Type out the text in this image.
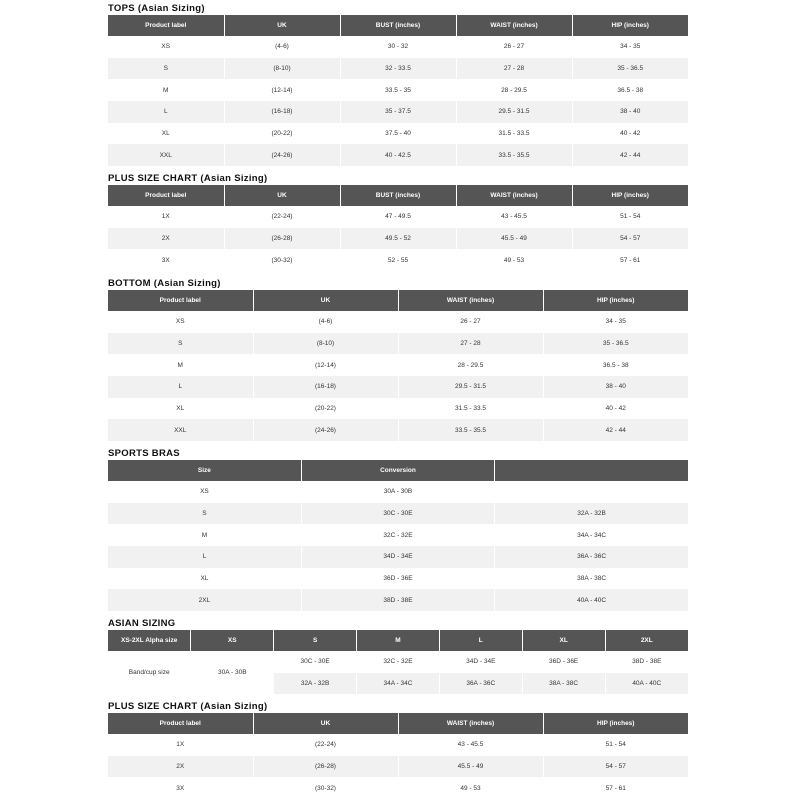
TOPS (Asian Sizing)
Product label	UK	BUST (inches)	WAIST (inches)	HIP (inches)
XS	(4-6)	30 - 32	26 - 27	34 - 35
S	(8-10)	32 - 33.5	27 - 28	35 - 36.5
M	(12-14)	33.5 - 35	28 - 29.5	36.5 - 38
L	(16-18)	35 - 37.5	29.5 - 31.5	38 - 40
XL	(20-22)	37.5 - 40	31.5 - 33.5	40 - 42
XXL	(24-26)	40 - 42.5	33.5 - 35.5	42 - 44
PLUS SIZE CHART (Asian Sizing)
Product label	UK	BUST (inches)	WAIST (inches)	HIP (inches)
1X	(22-24)	47 - 49.5	43 - 45.5	51 - 54
2X	(26-28)	49.5 - 52	45.5 - 49	54 - 57
3X	(30-32)	52 - 55	49 - 53	57 - 61
BOTTOM (Asian Sizing)
Product label	UK	WAIST (inches)	HIP (inches)
XS	(4-6)	26 - 27	34 - 35
S	(8-10)	27 - 28	35 - 36.5
M	(12-14)	28 - 29.5	36.5 - 38
L	(16-18)	29.5 - 31.5	38 - 40
XL	(20-22)	31.5 - 33.5	40 - 42
XXL	(24-26)	33.5 - 35.5	42 - 44
SPORTS BRAS
Size	Conversion	
XS	30A - 30B	
S	30C - 30E	32A - 32B
M	32C - 32E	34A - 34C
L	34D - 34E	36A - 36C
XL	36D - 36E	38A - 38C
2XL	38D - 38E	40A - 40C
ASIAN SIZING
XS-2XL Alpha size	XS	S	M	L	XL	2XL
Band/cup size	30A - 30B	30C - 30E	32C - 32E	34D - 34E	36D - 36E	38D - 38E
		32A - 32B	34A - 34C	36A - 36C	38A - 38C	40A - 40C
PLUS SIZE CHART (Asian Sizing)
Product label	UK	WAIST (inches)	HIP (inches)
1X	(22-24)	43 - 45.5	51 - 54
2X	(26-28)	45.5 - 49	54 - 57
3X	(30-32)	49 - 53	57 - 61
